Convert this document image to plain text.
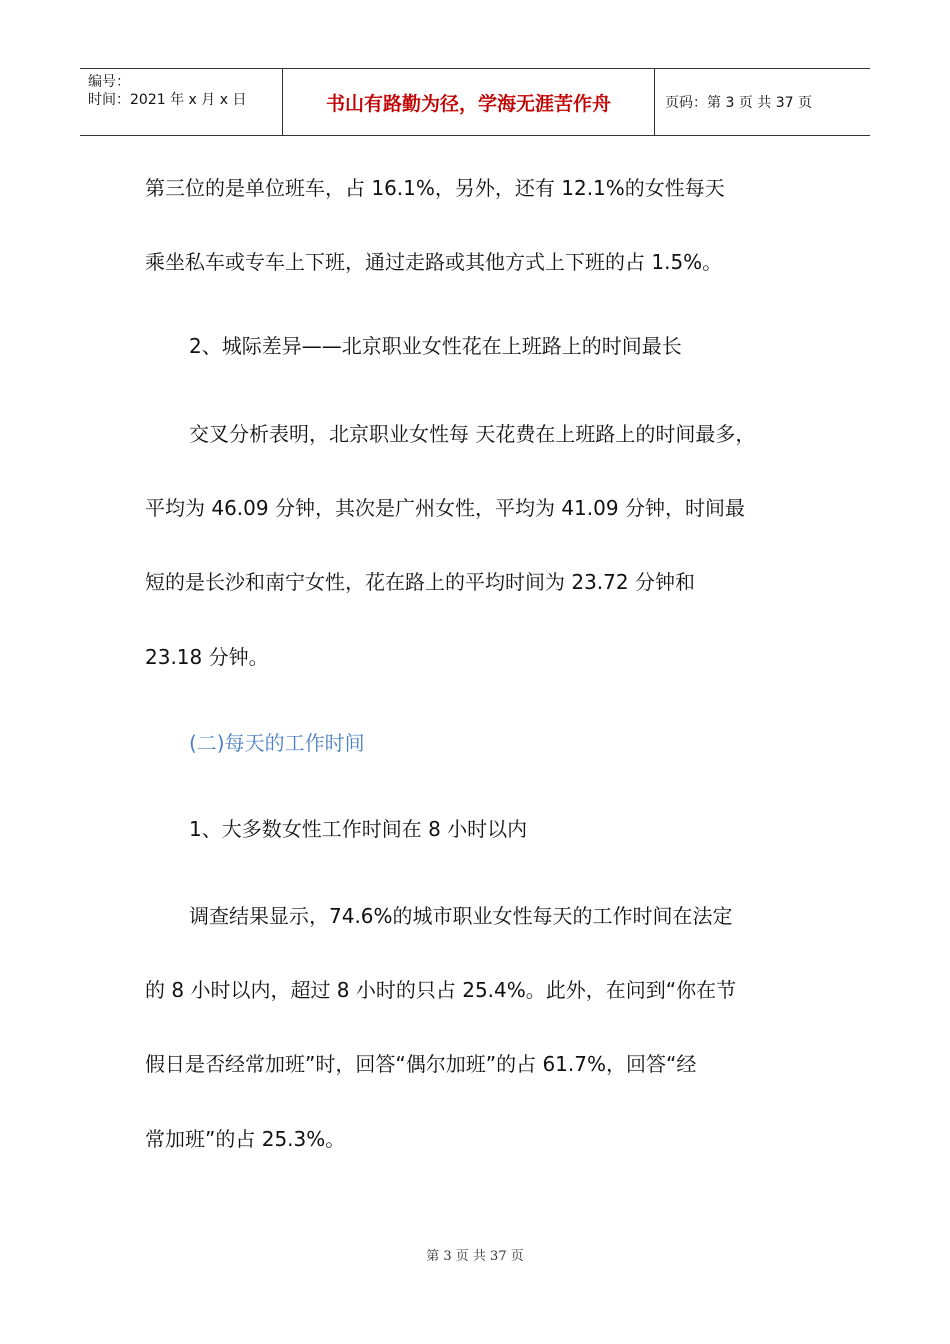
编号：
时间：2021 年 x 月 x 日	书山有路勤为径，学海无涯苦作舟	页码：第 3 页 共 37 页

第三位的是单位班车，占 16.1%，另外，还有 12.1%的女性每天

乘坐私车或专车上下班，通过走路或其他方式上下班的占 1.5%。

2、城际差异——北京职业女性花在上班路上的时间最长

交叉分析表明，北京职业女性每 天花费在上班路上的时间最多，

平均为 46.09 分钟，其次是广州女性，平均为 41.09 分钟，时间最

短的是长沙和南宁女性，花在路上的平均时间为 23.72 分钟和

23.18 分钟。

(二)每天的工作时间

1、大多数女性工作时间在 8 小时以内

调查结果显示，74.6%的城市职业女性每天的工作时间在法定

的 8 小时以内，超过 8 小时的只占 25.4%。此外，在问到“你在节

假日是否经常加班”时，回答“偶尔加班”的占 61.7%，回答“经

常加班”的占 25.3%。

第 3 页 共 37 页
